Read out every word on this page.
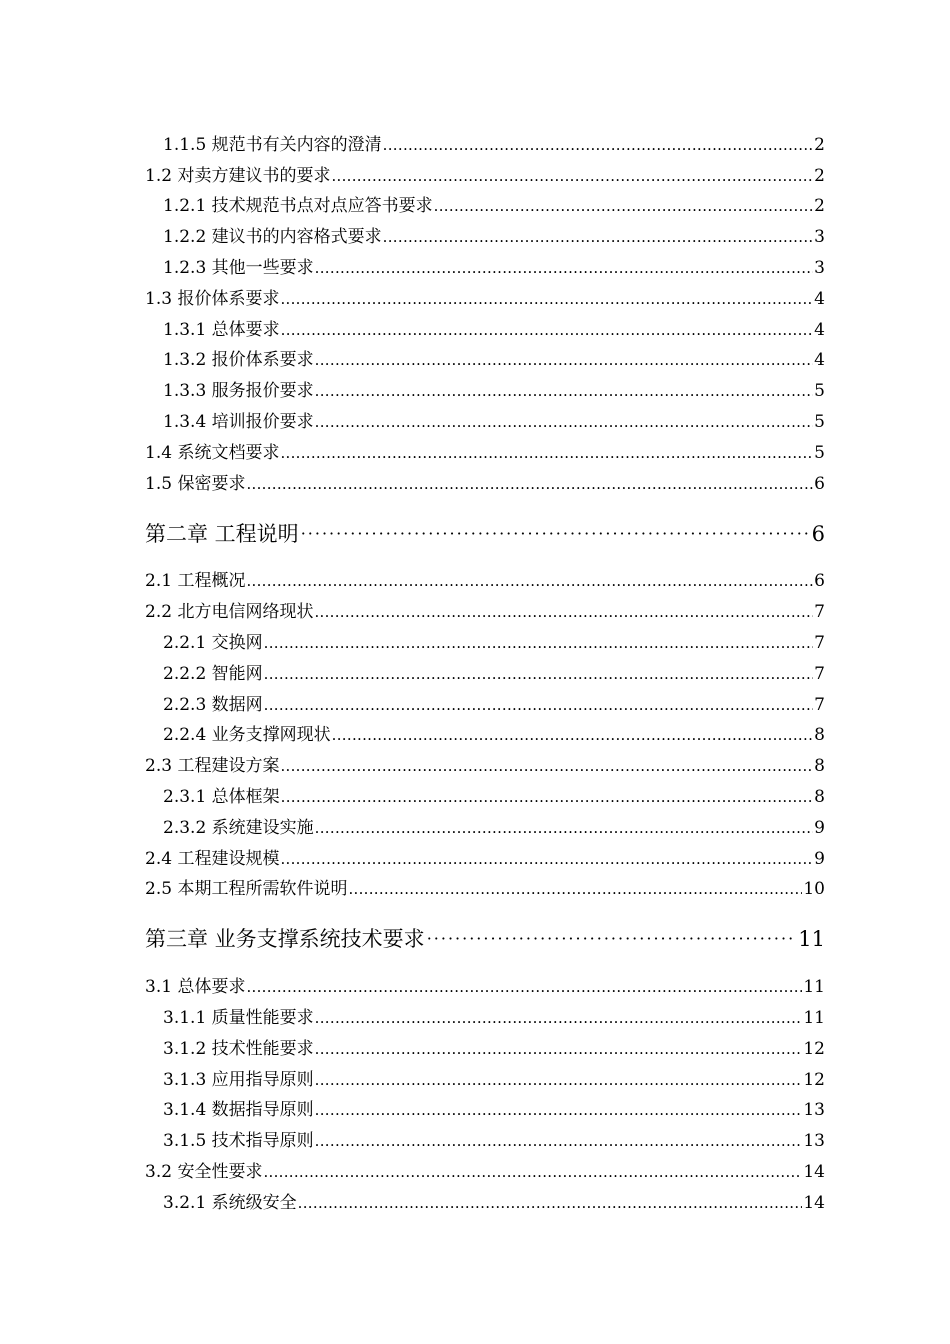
1.1.5 规范书有关内容的澄清 .....	2
1.2 对卖方建议书的要求 .....	2
1.2.1 技术规范书点对点应答书要求 .....	2
1.2.2 建议书的内容格式要求 .....	3
1.2.3 其他一些要求 .....	3
1.3 报价体系要求 .....	4
1.3.1 总体要求 .....	4
1.3.2 报价体系要求 .....	4
1.3.3 服务报价要求 .....	5
1.3.4 培训报价要求 .....	5
1.4 系统文档要求 .....	5
1.5 保密要求 .....	6
第二章 工程说明 ·····	6
2.1 工程概况 .....	6
2.2 北方电信网络现状 .....	7
2.2.1 交换网 .....	7
2.2.2 智能网 .....	7
2.2.3 数据网 .....	7
2.2.4 业务支撑网现状 .....	8
2.3 工程建设方案 .....	8
2.3.1 总体框架 .....	8
2.3.2 系统建设实施 .....	9
2.4 工程建设规模 .....	9
2.5 本期工程所需软件说明 .....	10
第三章 业务支撑系统技术要求 ·····	11
3.1 总体要求 .....	11
3.1.1 质量性能要求 .....	11
3.1.2 技术性能要求 .....	12
3.1.3 应用指导原则 .....	12
3.1.4 数据指导原则 .....	13
3.1.5 技术指导原则 .....	13
3.2 安全性要求 .....	14
3.2.1 系统级安全 .....	14
